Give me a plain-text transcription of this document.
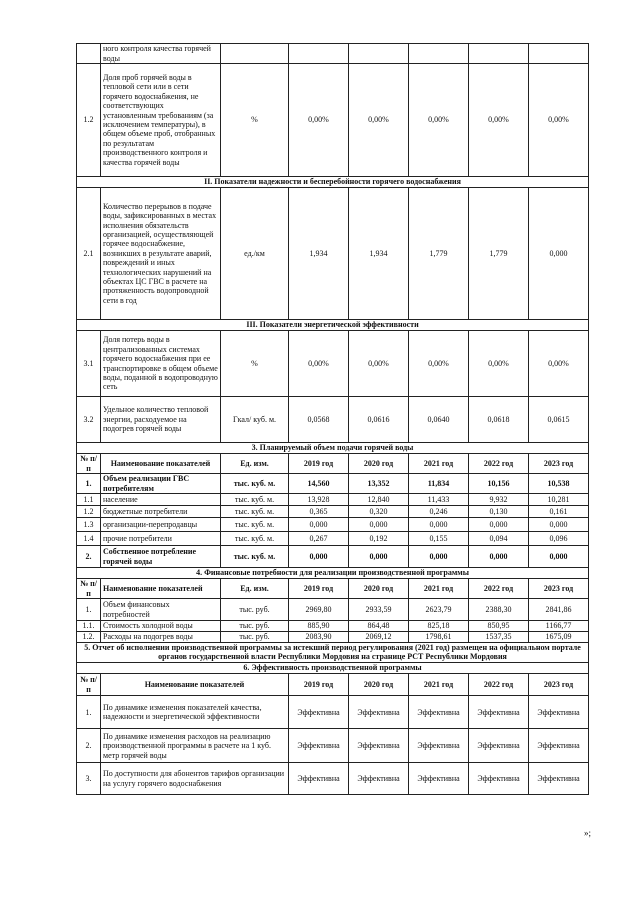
	ного контроля качества горячей воды						
1.2	Доля проб горячей воды в тепловой сети или в сети горячего водоснабжения, не соответствующих установленным требованиям (за исключением температуры), в общем объеме проб, отобранных по результатам производственного контроля и качества горячей воды	%	0,00%	0,00%	0,00%	0,00%	0,00%
II. Показатели надежности и бесперебойности горячего водоснабжения							
2.1	Количество перерывов в подаче воды, зафиксированных в местах исполнения обязательств организацией, осуществляющей горячее водоснабжение, возникших в результате аварий, повреждений и иных технологических нарушений на объектах ЦС ГВС в расчете на протяженность водопроводной сети в год	ед./км	1,934	1,934	1,779	1,779	0,000
III. Показатели энергетической эффективности							
3.1	Доля потерь воды в централизованных системах горячего водоснабжения при ее транспортировке в общем объеме воды, поданной в водопроводную сеть	%	0,00%	0,00%	0,00%	0,00%	0,00%
3.2	Удельное количество тепловой энергии, расходуемое на подогрев горячей воды	Гкал/ куб. м.	0,0568	0,0616	0,0640	0,0618	0,0615
3. Планируемый объем подачи горячей воды							
№ п/п	Наименование показателей	Ед. изм.	2019 год	2020 год	2021 год	2022 год	2023 год
1.	Объем реализации ГВС потребителям	тыс. куб. м.	14,560	13,352	11,834	10,156	10,538
1.1	население	тыс. куб. м.	13,928	12,840	11,433	9,932	10,281
1.2	бюджетные потребители	тыс. куб. м.	0,365	0,320	0,246	0,130	0,161
1.3	организации-перепродавцы	тыс. куб. м.	0,000	0,000	0,000	0,000	0,000
1.4	прочие потребители	тыс. куб. м.	0,267	0,192	0,155	0,094	0,096
2.	Собственное потребление горячей воды	тыс. куб. м.	0,000	0,000	0,000	0,000	0,000
4. Финансовые потребности для реализации производственной программы							
№ п/п	Наименование показателей	Ед. изм.	2019 год	2020 год	2021 год	2022 год	2023 год
1.	Объем финансовых потребностей	тыс. руб.	2969,80	2933,59	2623,79	2388,30	2841,86
1.1.	Стоимость холодной воды	тыс. руб.	885,90	864,48	825,18	850,95	1166,77
1.2.	Расходы на подогрев воды	тыс. руб.	2083,90	2069,12	1798,61	1537,35	1675,09
5. Отчет об исполнении производственной программы за истекший период регулирования (2021 год) размещен на официальном портале органов государственной власти Республики Мордовия на странице РСТ Республики Мордовия							
6. Эффективность производственной программы							
№ п/п	Наименование показателей	2019 год	2020 год	2021 год	2022 год	2023 год
1.	По динамике изменения показателей качества, надежности и энергетической эффективности	Эффективна	Эффективна	Эффективна	Эффективна	Эффективна
2.	По динамике изменения расходов на реализацию производственной программы в расчете на 1 куб. метр горячей воды	Эффективна	Эффективна	Эффективна	Эффективна	Эффективна
3.	По доступности для абонентов тарифов организации на услугу горячего водоснабжения	Эффективна	Эффективна	Эффективна	Эффективна	Эффективна
»;
